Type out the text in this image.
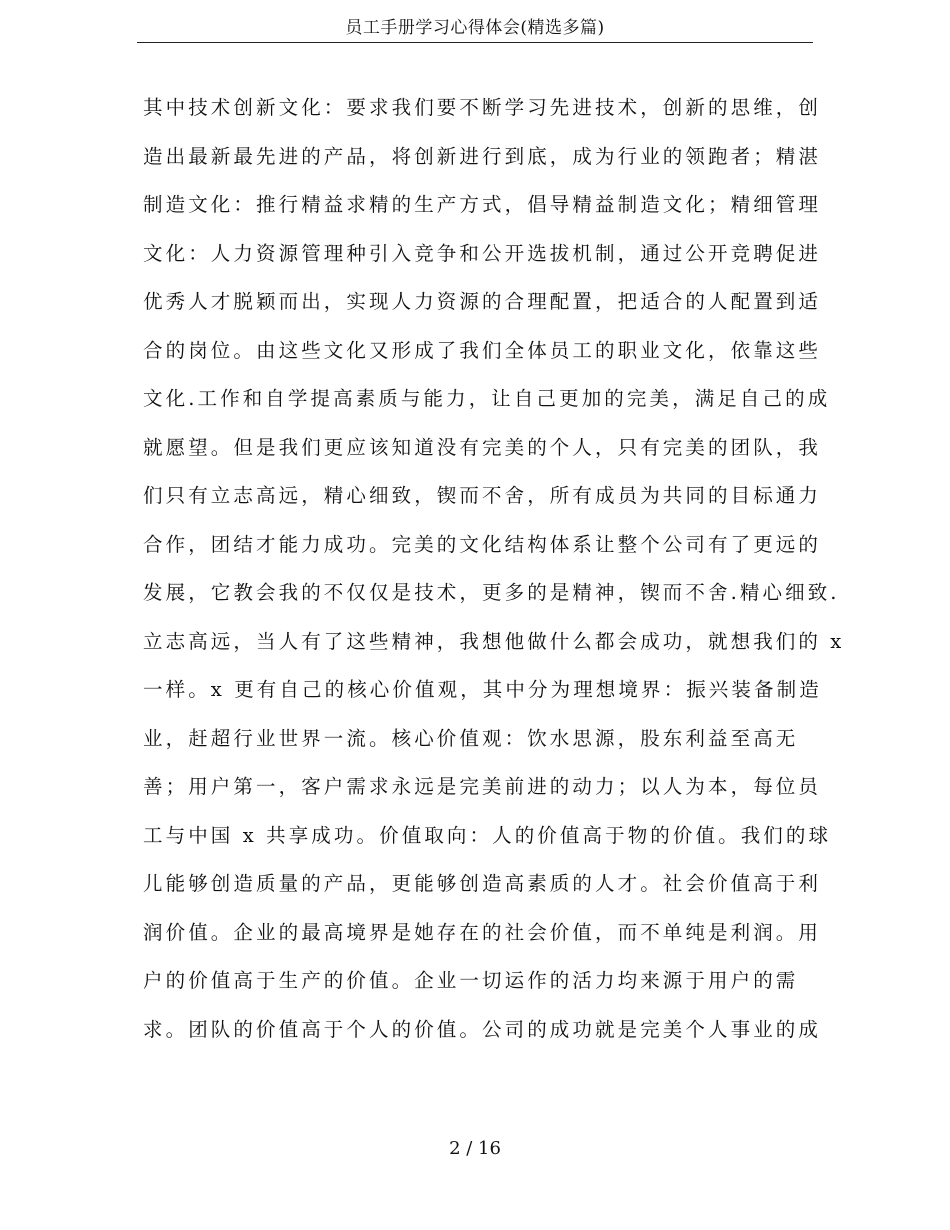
员工手册学习心得体会(精选多篇)
其中技术创新文化：要求我们要不断学习先进技术，创新的思维，创
造出最新最先进的产品，将创新进行到底，成为行业的领跑者；精湛
制造文化：推行精益求精的生产方式，倡导精益制造文化；精细管理
文化：人力资源管理种引入竞争和公开选拔机制，通过公开竞聘促进
优秀人才脱颖而出，实现人力资源的合理配置，把适合的人配置到适
合的岗位。由这些文化又形成了我们全体员工的职业文化，依靠这些
文化.工作和自学提高素质与能力，让自己更加的完美，满足自己的成
就愿望。但是我们更应该知道没有完美的个人，只有完美的团队，我
们只有立志高远，精心细致，锲而不舍，所有成员为共同的目标通力
合作，团结才能力成功。完美的文化结构体系让整个公司有了更远的
发展，它教会我的不仅仅是技术，更多的是精神，锲而不舍.精心细致.
立志高远，当人有了这些精神，我想他做什么都会成功，就想我们的 x
一样。x 更有自己的核心价值观，其中分为理想境界：振兴装备制造
业，赶超行业世界一流。核心价值观：饮水思源，股东利益至高无
善；用户第一，客户需求永远是完美前进的动力；以人为本，每位员
工与中国 x 共享成功。价值取向：人的价值高于物的价值。我们的球
儿能够创造质量的产品，更能够创造高素质的人才。社会价值高于利
润价值。企业的最高境界是她存在的社会价值，而不单纯是利润。用
户的价值高于生产的价值。企业一切运作的活力均来源于用户的需
求。团队的价值高于个人的价值。公司的成功就是完美个人事业的成
2 / 16
